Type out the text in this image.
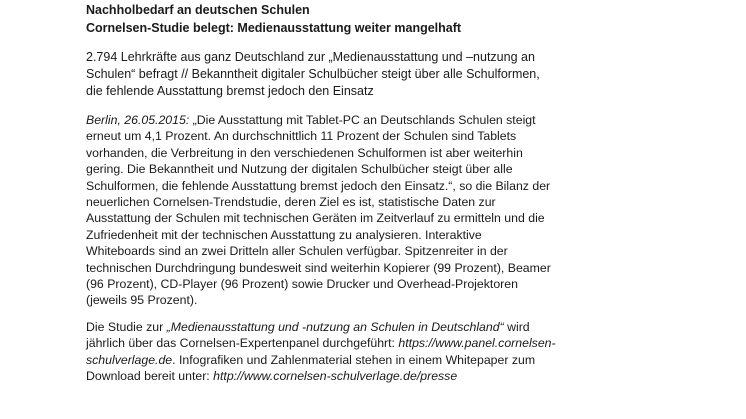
Nachholbedarf an deutschen Schulen

Cornelsen-Studie belegt: Medienausstattung weiter mangelhaft

2.794 Lehrkräfte aus ganz Deutschland zur „Medienausstattung und –nutzung an
Schulen“ befragt // Bekanntheit digitaler Schulbücher steigt über alle Schulformen,
die fehlende Ausstattung bremst jedoch den Einsatz

Berlin, 26.05.2015: „Die Ausstattung mit Tablet-PC an Deutschlands Schulen steigt
erneut um 4,1 Prozent. An durchschnittlich 11 Prozent der Schulen sind Tablets
vorhanden, die Verbreitung in den verschiedenen Schulformen ist aber weiterhin
gering. Die Bekanntheit und Nutzung der digitalen Schulbücher steigt über alle
Schulformen, die fehlende Ausstattung bremst jedoch den Einsatz.“, so die Bilanz der
neuerlichen Cornelsen-Trendstudie, deren Ziel es ist, statistische Daten zur
Ausstattung der Schulen mit technischen Geräten im Zeitverlauf zu ermitteln und die
Zufriedenheit mit der technischen Ausstattung zu analysieren. Interaktive
Whiteboards sind an zwei Dritteln aller Schulen verfügbar. Spitzenreiter in der
technischen Durchdringung bundesweit sind weiterhin Kopierer (99 Prozent), Beamer
(96 Prozent), CD-Player (96 Prozent) sowie Drucker und Overhead-Projektoren
(jeweils 95 Prozent).

Die Studie zur „Medienausstattung und -nutzung an Schulen in Deutschland“ wird
jährlich über das Cornelsen-Expertenpanel durchgeführt: https://www.panel.cornelsen-
schulverlage.de. Infografiken und Zahlenmaterial stehen in einem Whitepaper zum
Download bereit unter: http://www.cornelsen-schulverlage.de/presse
